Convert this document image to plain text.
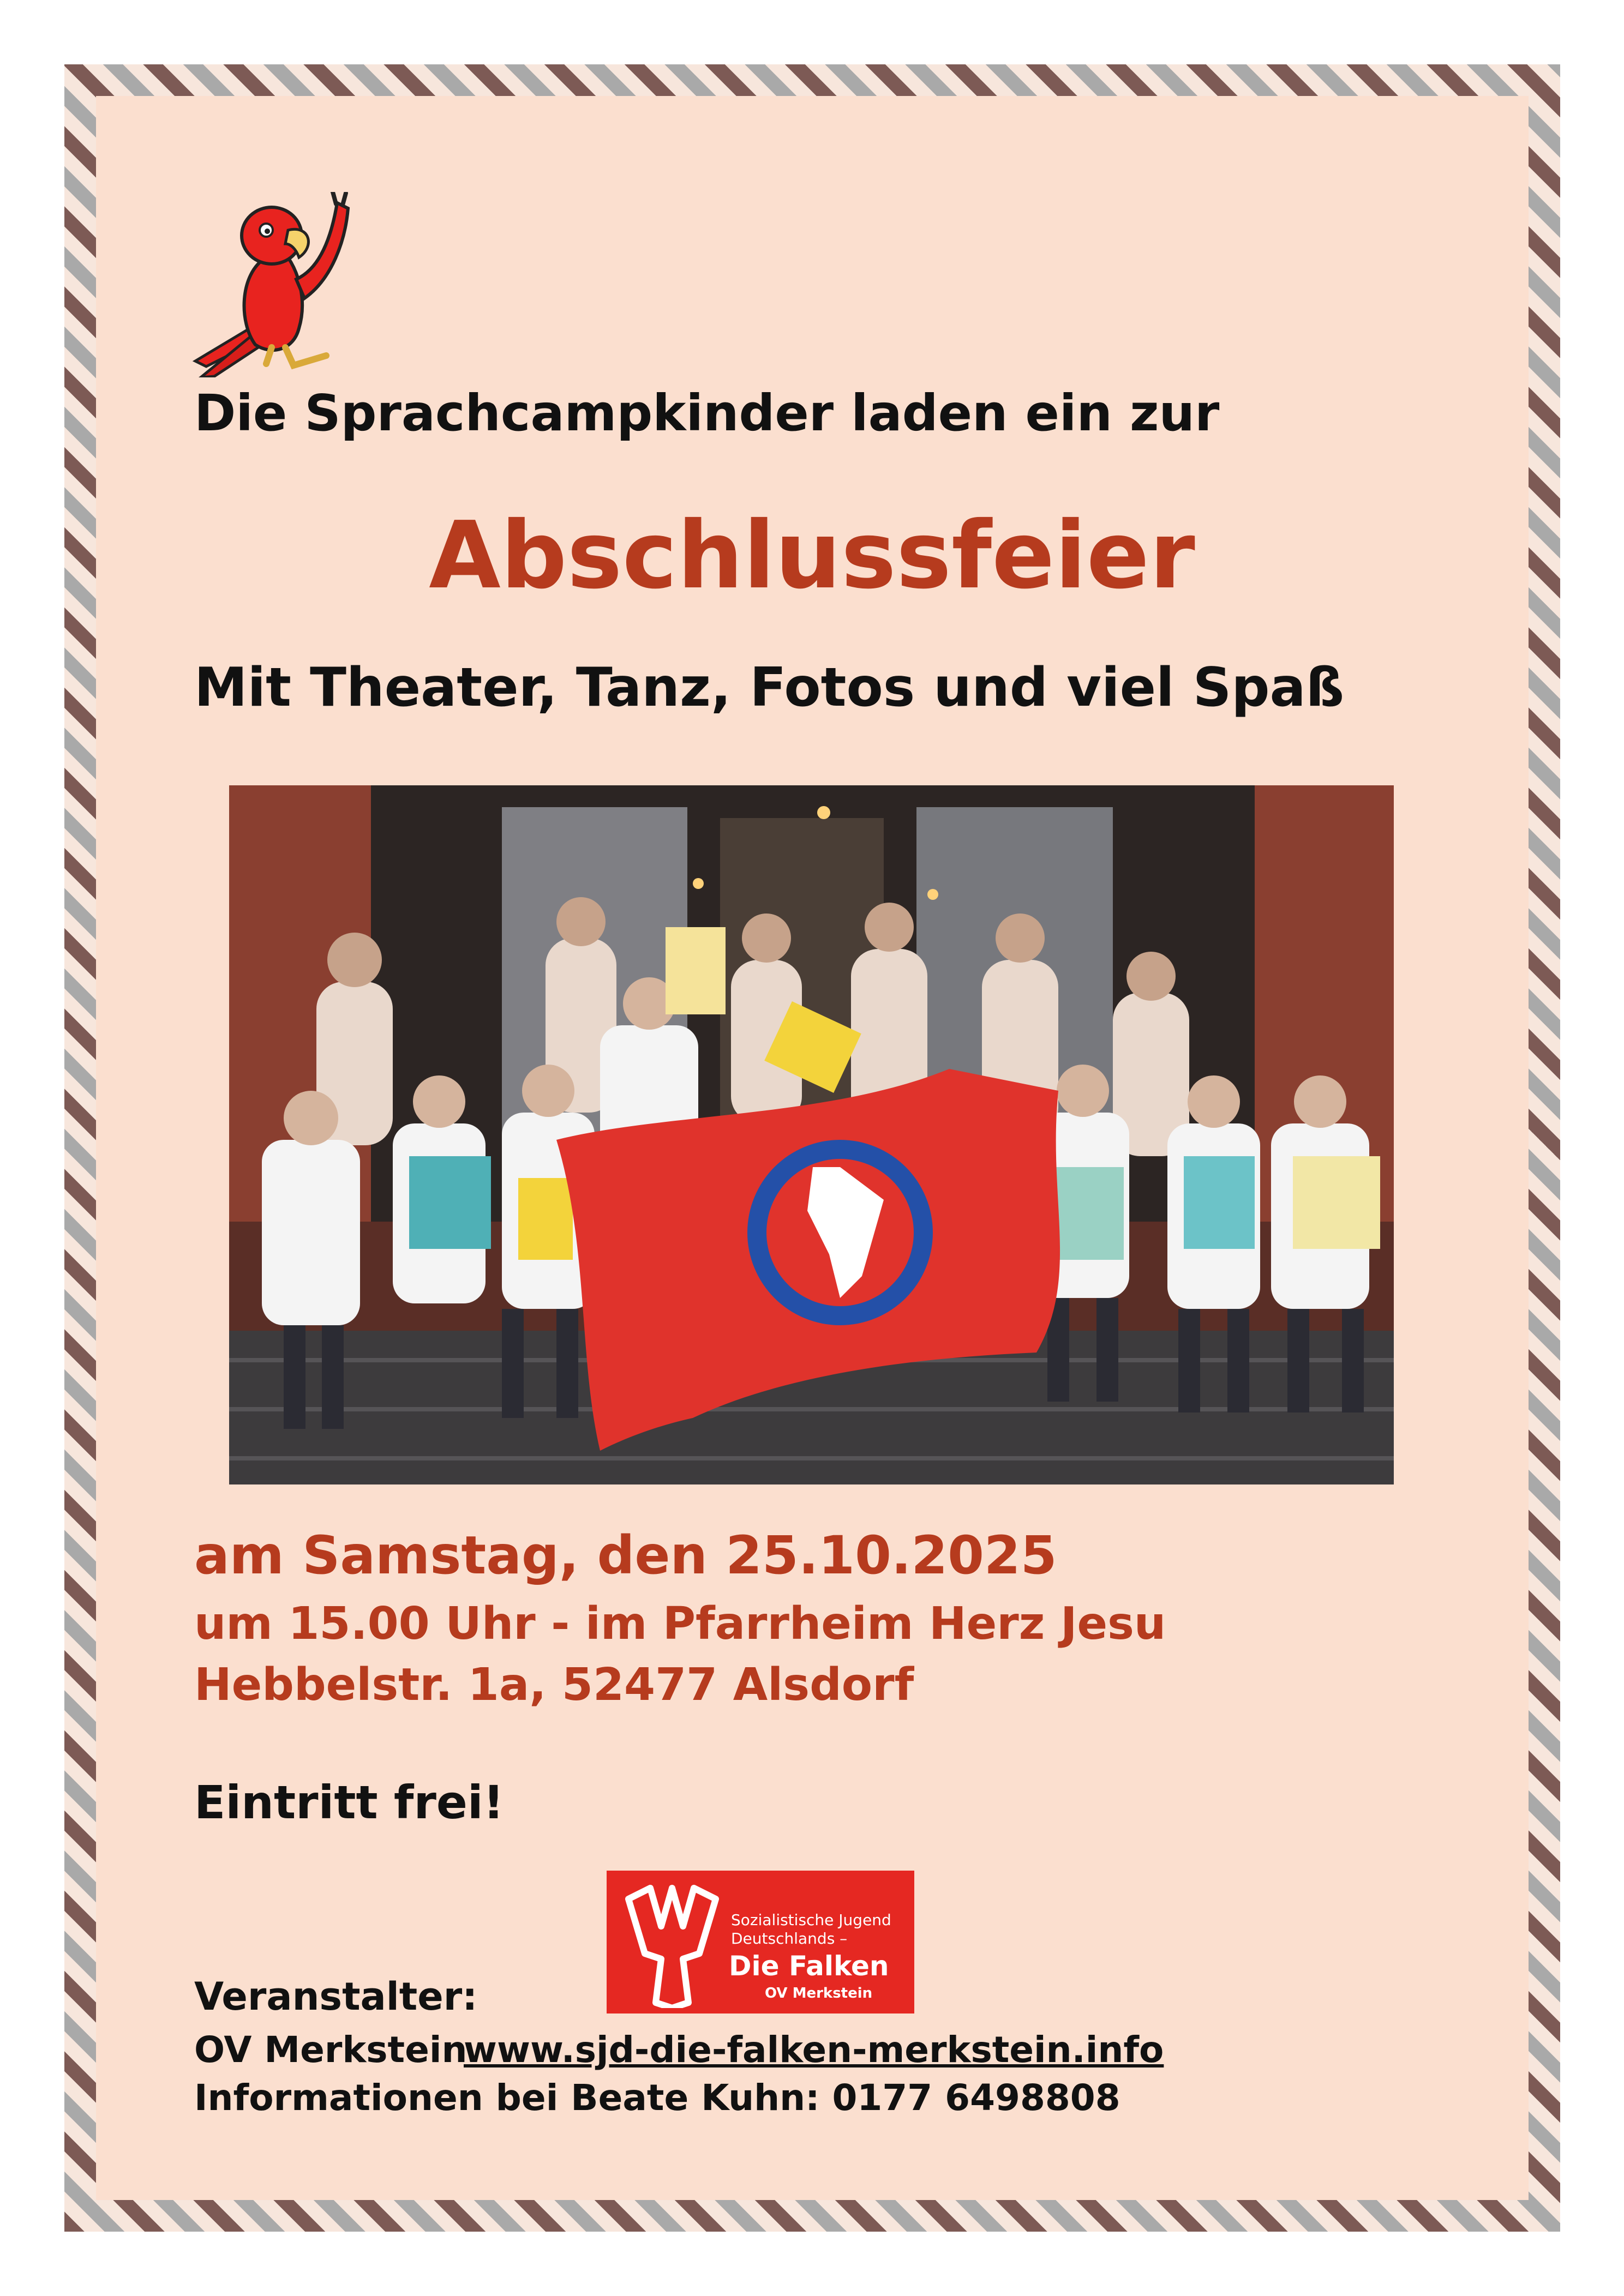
Die Sprachcampkinder laden ein zur

Abschlussfeier

Mit Theater, Tanz, Fotos und viel Spaß

am Samstag, den 25.10.2025

um 15.00 Uhr - im Pfarrheim Herz Jesu

Hebbelstr. 1a, 52477 Alsdorf

Eintritt frei!

Sozialistische Jugend

Deutschlands –

Die Falken

OV Merkstein

Veranstalter:

OV Merkstein

www.sjd-die-falken-merkstein.info

Informationen bei Beate Kuhn: 0177 6498808
